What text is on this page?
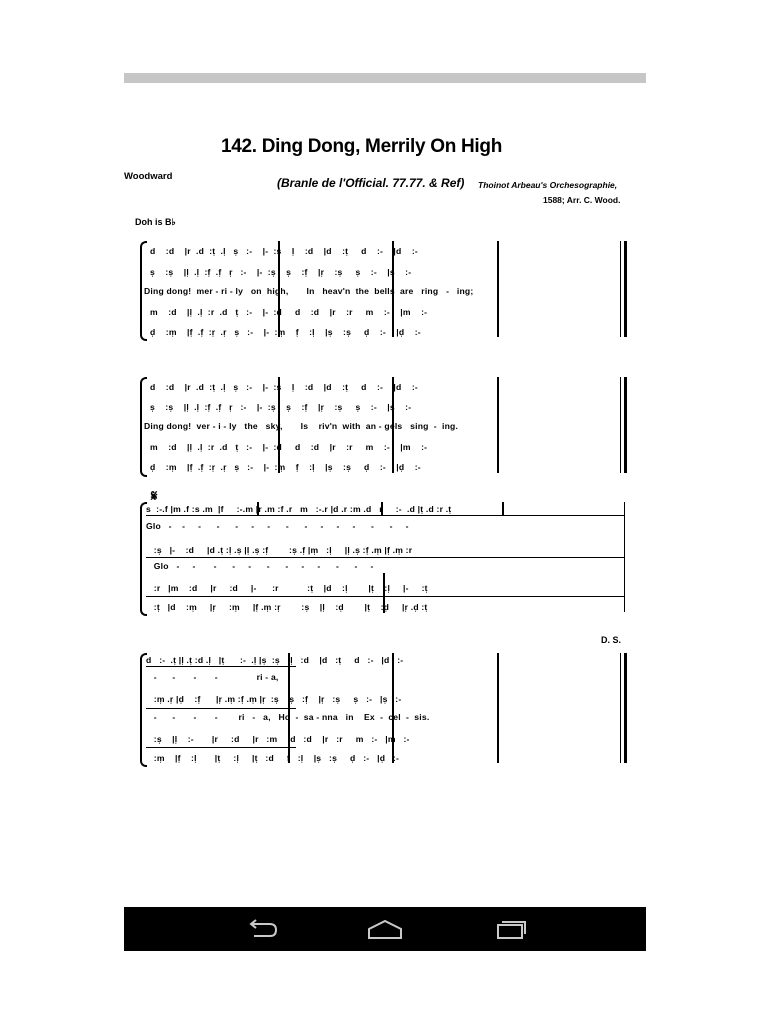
142. Ding Dong, Merrily On High
Woodward	(Branle de l'Official. 77.77. & Ref) Thoinot Arbeau's Orchesographie,
1588; Arr. C. Wood.
Doh is B♭
𝄋
D. S.
d    :d    |r  .d  :t̩  .l̩   s̩   :-    |-  :s̩    l̩    :d    |d    :t̩     d    :-    |d    :-
s̩    :s̩    |l̩  .l̩  :f̩  .f̩   r̩   :-    |-  :s̩    s̩    :f̩    |r̩    :s̩     s̩    :-    |s̩    :-
Ding dong!  mer - ri - ly   on  high,       In   heav'n  the  bells  are   ring   -   ing;
m    :d    |l̩  .l̩  :r  .d   t̩   :-    |-  :d     d    :d    |r    :r     m    :-    |m    :-
d̩    :m̩    |f̩  .f̩  :r̩  .r̩   s̩   :-    |-  :m̩    f̩    :l̩    |s̩    :s̩     d̩    :-    |d̩    :-
d    :d    |r  .d  :t̩  .l̩   s̩   :-    |-  :s̩    l̩    :d    |d    :t̩     d    :-    |d    :-
s̩    :s̩    |l̩  .l̩  :f̩  .f̩   r̩   :-    |-  :s̩    s̩    :f̩    |r̩    :s̩     s̩    :-    |s̩    :-
Ding dong!  ver - i - ly   the   sky,       Is    riv'n  with  an - gels   sing  -  ing.
m    :d    |l̩  .l̩  :r  .d   t̩   :-    |-  :d     d    :d    |r    :r     m    :-    |m    :-
d̩    :m̩    |f̩  .f̩  :r̩  .r̩   s̩   :-    |-  :m̩    f̩    :l̩    |s̩    :s̩     d̩    :-    |d̩    :-
s  :-.f |m .f :s .m  |f     :-.m |r .m :f .r   m   :-.r |d .r :m .d   r     :-  .d |t̩ .d :r .t̩
Glo   -    -     -      -      -     -     -      -      -     -     -     -      -      -     -
:s̩   |-    :d     |d .t̩ :l̩ .s̩ |l̩ .s̩ :f̩        :s̩ .f̩ |m̩   :l̩     |l̩ .s̩ :f̩ .m̩ |f̩ .m̩ :r
Glo   -     -       -      -     -      -      -     -     -      -      -     -
:r   |m    :d     |r     :d     |-      :r           :t̩    |d    :l̩        |t̩    :l̩     |-     :t̩
:t̩   |d    :m̩     |r̩     :m̩     |f̩ .m̩ :r̩        :s̩    |l̩    :d̩        |t̩    :d̩     |r̩ .d̩ :t̩
d   :-  .t̩ |l̩ .t̩ :d .l̩   |t̩      :-  .l̩ |s̩  :s̩    l̩   :d    |d   :t̩     d   :-   |d   :-
-      -       -       -               ri - a,
:m̩ .r̩ |d̩    :f̩      |r̩ .m̩ :f̩ .m̩ |r̩  :s̩    s̩   :f̩    |r̩   :s̩     s̩   :-   |s̩   :-
-      -       -       -        ri   -   a,   Ho  -  sa - nna   in    Ex  -  cel  -  sis.
:s̩    |l̩    :-       |r     :d     |r   :m     d   :d    |r   :r     m   :-   |m   :-
:m̩    |f̩    :l̩       |t̩     :l̩     |t̩   :d     f̩   :l̩    |s̩   :s̩     d̩   :-   |d̩   :-
